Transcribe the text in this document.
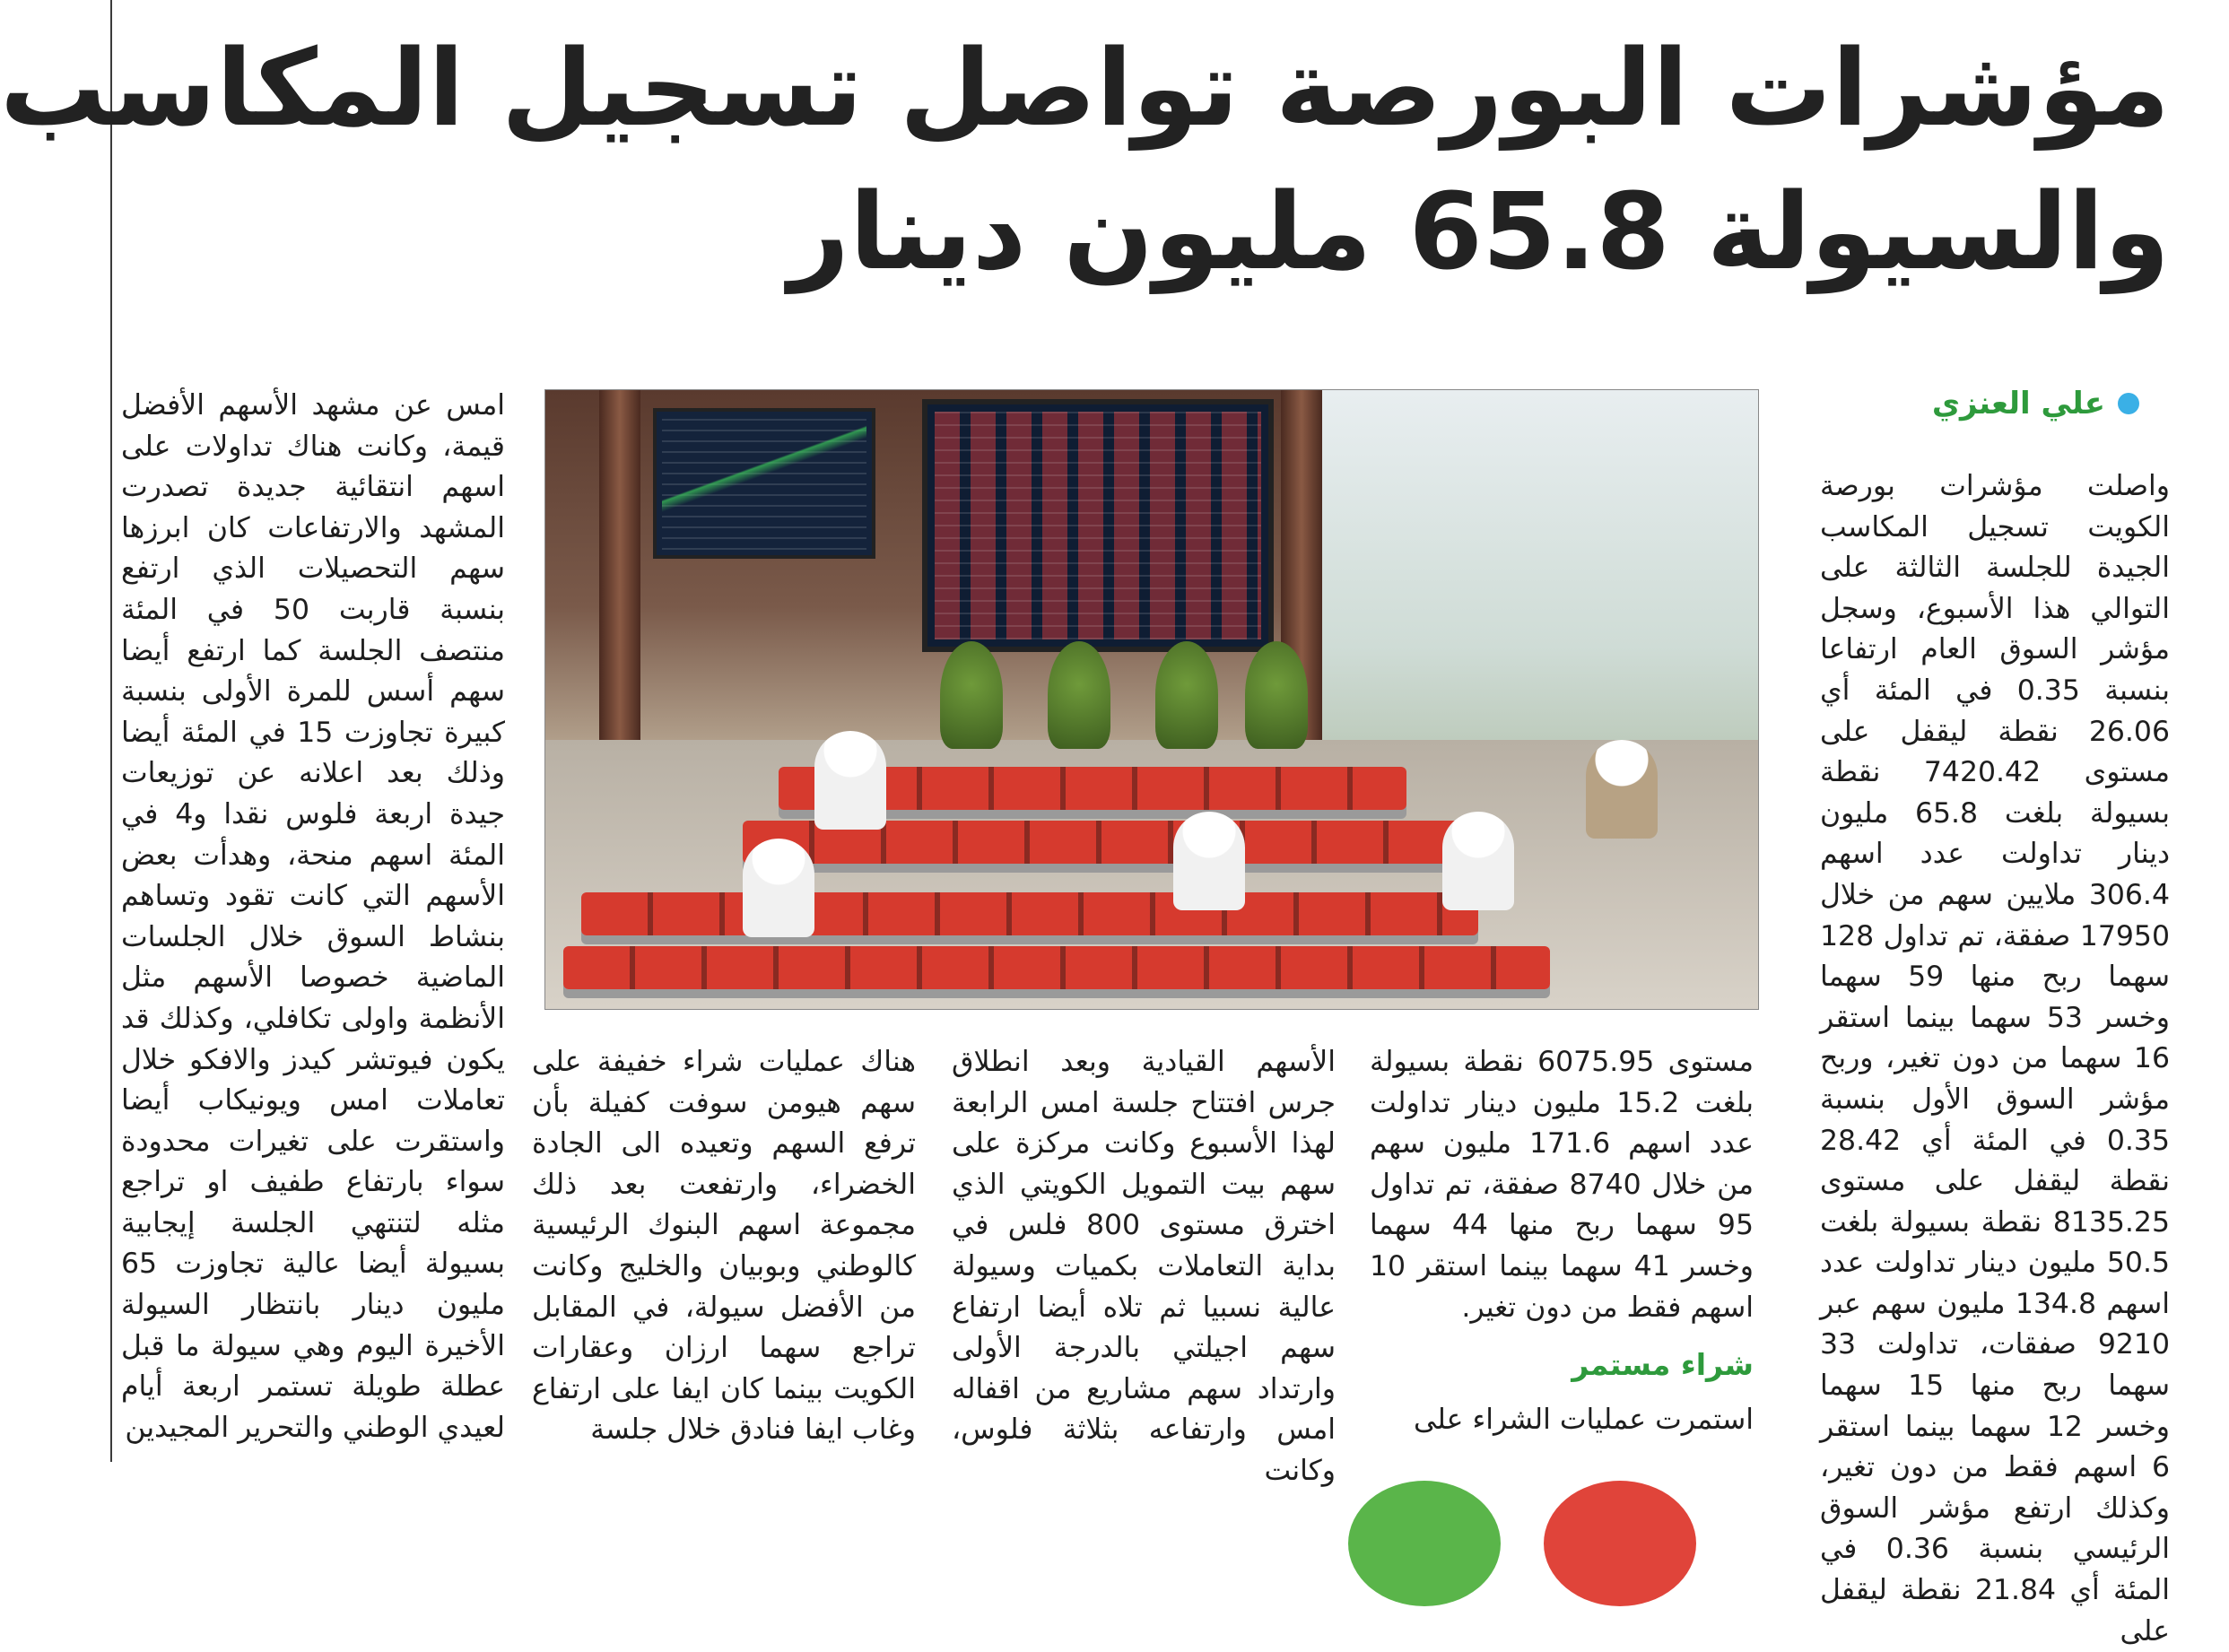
مؤشرات البورصة تواصل تسجيل المكاسب
والسيولة 65.8 مليون دينار
علي العنزي

واصلت مؤشرات بورصة الكويت تسجيل المكاسب الجيدة للجلسة الثالثة على التوالي هذا الأسبوع، وسجل مؤشر السوق العام ارتفاعا بنسبة 0.35 في المئة أي 26.06 نقطة ليقفل على مستوى 7420.42 نقطة بسيولة بلغت 65.8 مليون دينار تداولت عدد اسهم 306.4 ملايين سهم من خلال 17950 صفقة، تم تداول 128 سهما ربح منها 59 سهما وخسر 53 سهما بينما استقر 16 سهما من دون تغير، وربح مؤشر السوق الأول بنسبة 0.35 في المئة أي 28.42 نقطة ليقفل على مستوى 8135.25 نقطة بسيولة بلغت 50.5 مليون دينار تداولت عدد اسهم 134.8 مليون سهم عبر 9210 صفقات، تداولت 33 سهما ربح منها 15 سهما وخسر 12 سهما بينما استقر 6 اسهم فقط من دون تغير، وكذلك ارتفع مؤشر السوق الرئيسي بنسبة 0.36 في المئة أي 21.84 نقطة ليقفل على

مستوى 6075.95 نقطة بسيولة بلغت 15.2 مليون دينار تداولت عدد اسهم 171.6 مليون سهم من خلال 8740 صفقة، تم تداول 95 سهما ربح منها 44 سهما وخسر 41 سهما بينما استقر 10 اسهم فقط من دون تغير.

شراء مستمر

استمرت عمليات الشراء على

الأسهم القيادية وبعد انطلاق جرس افتتاح جلسة امس الرابعة لهذا الأسبوع وكانت مركزة على سهم بيت التمويل الكويتي الذي اخترق مستوى 800 فلس في بداية التعاملات بكميات وسيولة عالية نسبيا ثم تلاه أيضا ارتفاع سهم اجيلتي بالدرجة الأولى وارتداد سهم مشاريع من اقفاله امس وارتفاعه بثلاثة فلوس، وكانت

هناك عمليات شراء خفيفة على سهم هيومن سوفت كفيلة بأن ترفع السهم وتعيده الى الجادة الخضراء، وارتفعت بعد ذلك مجموعة اسهم البنوك الرئيسية كالوطني وبوبيان والخليج وكانت من الأفضل سيولة، في المقابل تراجع سهما ارزان وعقارات الكويت بينما كان ايفا على ارتفاع وغاب ايفا فنادق خلال جلسة

امس عن مشهد الأسهم الأفضل قيمة، وكانت هناك تداولات على اسهم انتقائية جديدة تصدرت المشهد والارتفاعات كان ابرزها سهم التحصيلات الذي ارتفع بنسبة قاربت 50 في المئة منتصف الجلسة كما ارتفع أيضا سهم أسس للمرة الأولى بنسبة كبيرة تجاوزت 15 في المئة أيضا وذلك بعد اعلانه عن توزيعات جيدة اربعة فلوس نقدا و4 في المئة اسهم منحة، وهدأت بعض الأسهم التي كانت تقود وتساهم بنشاط السوق خلال الجلسات الماضية خصوصا الأسهم مثل الأنظمة واولى تكافلي، وكذلك قد يكون فيوتشر كيدز والافكو خلال تعاملات امس ويونيكاب أيضا واستقرت على تغيرات محدودة سواء بارتفاع طفيف او تراجع مثله لتنتهي الجلسة إيجابية بسيولة أيضا عالية تجاوزت 65 مليون دينار بانتظار السيولة الأخيرة اليوم وهي سيولة ما قبل عطلة طويلة تستمر اربعة أيام لعيدي الوطني والتحرير المجيدين
